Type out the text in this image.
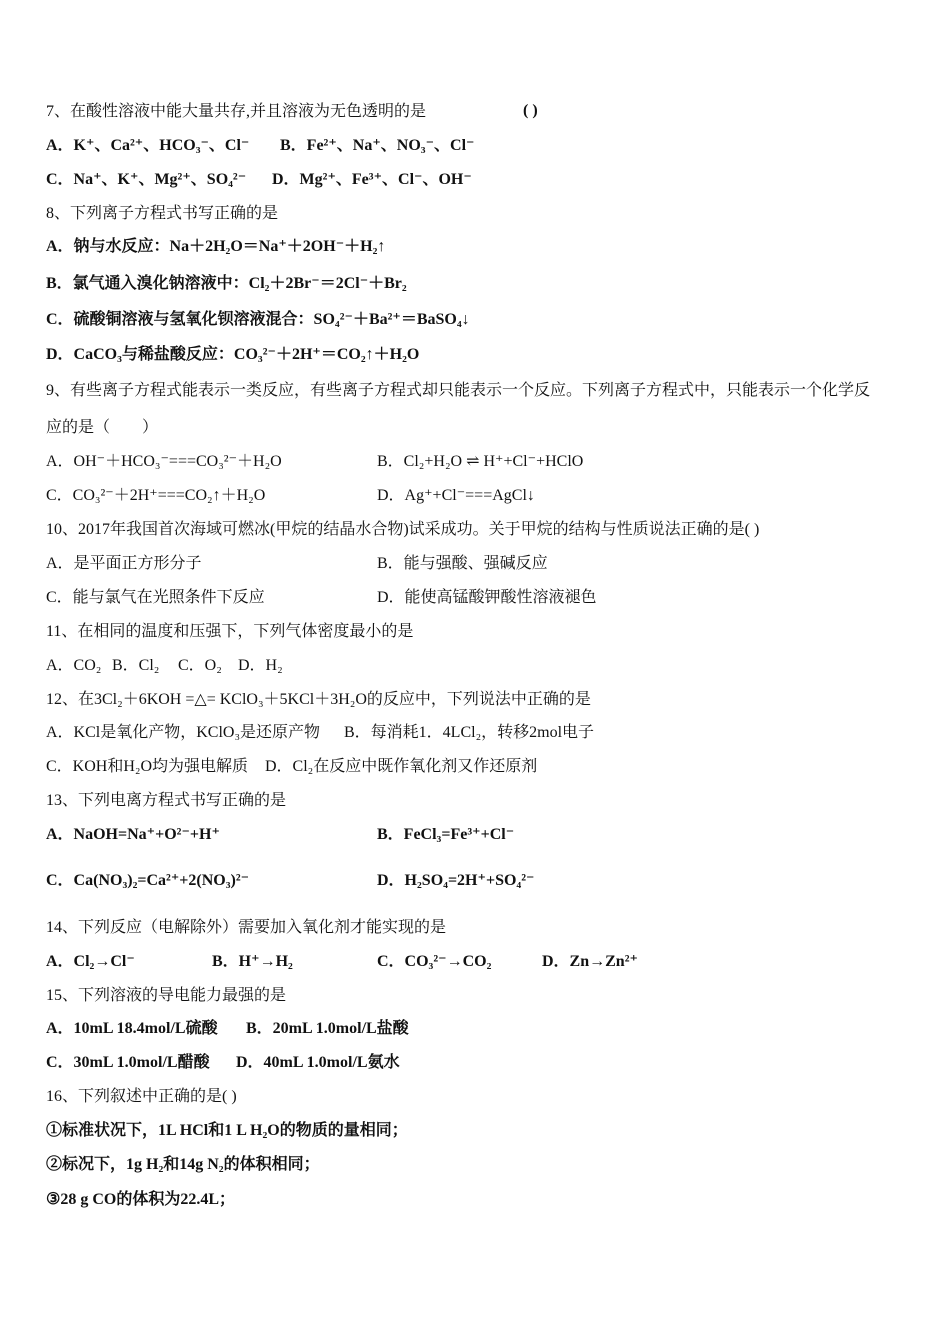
7、在酸性溶液中能大量共存,并且溶液为无色透明的是	( )
A．K⁺、Ca²⁺、HCO₃⁻、Cl⁻ B．Fe²⁺、Na⁺、NO₃⁻、Cl⁻
C．Na⁺、K⁺、Mg²⁺、SO₄²⁻ D．Mg²⁺、Fe³⁺、Cl⁻、OH⁻
8、下列离子方程式书写正确的是
A．钠与水反应：Na＋2H₂O＝Na⁺＋2OH⁻＋H₂↑
B．氯气通入溴化钠溶液中：Cl₂＋2Br⁻＝2Cl⁻＋Br₂
C．硫酸铜溶液与氢氧化钡溶液混合：SO₄²⁻＋Ba²⁺＝BaSO₄↓
D．CaCO₃与稀盐酸反应：CO₃²⁻＋2H⁺＝CO₂↑＋H₂O
9、有些离子方程式能表示一类反应，有些离子方程式却只能表示一个反应。下列离子方程式中，只能表示一个化学反
应的是（　　）
A．OH⁻＋HCO₃⁻===CO₃²⁻＋H₂O	B．Cl₂+H₂O ⇌ H⁺+Cl⁻+HClO
C．CO₃²⁻＋2H⁺===CO₂↑＋H₂O	D．Ag⁺+Cl⁻===AgCl↓
10、2017年我国首次海域可燃冰(甲烷的结晶水合物)试采成功。关于甲烷的结构与性质说法正确的是( )
A．是平面正方形分子	B．能与强酸、强碱反应
C．能与氯气在光照条件下反应	D．能使高锰酸钾酸性溶液褪色
11、在相同的温度和压强下，下列气体密度最小的是
A．CO₂ B．Cl₂ C．O₂ D．H₂
12、在3Cl₂＋6KOH =△= KClO₃＋5KCl＋3H₂O的反应中，下列说法中正确的是
A．KCl是氧化产物，KClO₃是还原产物 B．每消耗1．4LCl₂，转移2mol电子
C．KOH和H₂O均为强电解质 D．Cl₂在反应中既作氧化剂又作还原剂
13、下列电离方程式书写正确的是
A．NaOH=Na⁺+O²⁻+H⁺	B．FeCl₃=Fe³⁺+Cl⁻
C．Ca(NO₃)₂=Ca²⁺+2(NO₃)²⁻	D．H₂SO₄=2H⁺+SO₄²⁻
14、下列反应（电解除外）需要加入氧化剂才能实现的是
A．Cl₂→Cl⁻	B．H⁺→H₂	C．CO₃²⁻→CO₂	D．Zn→Zn²⁺
15、下列溶液的导电能力最强的是
A．10mL 18.4mol/L硫酸 B．20mL 1.0mol/L盐酸
C．30mL 1.0mol/L醋酸 D．40mL 1.0mol/L氨水
16、下列叙述中正确的是( )
①标准状况下，1L HCl和1 L H₂O的物质的量相同；
②标况下，1g H₂和14g N₂的体积相同；
③28 g CO的体积为22.4L；
